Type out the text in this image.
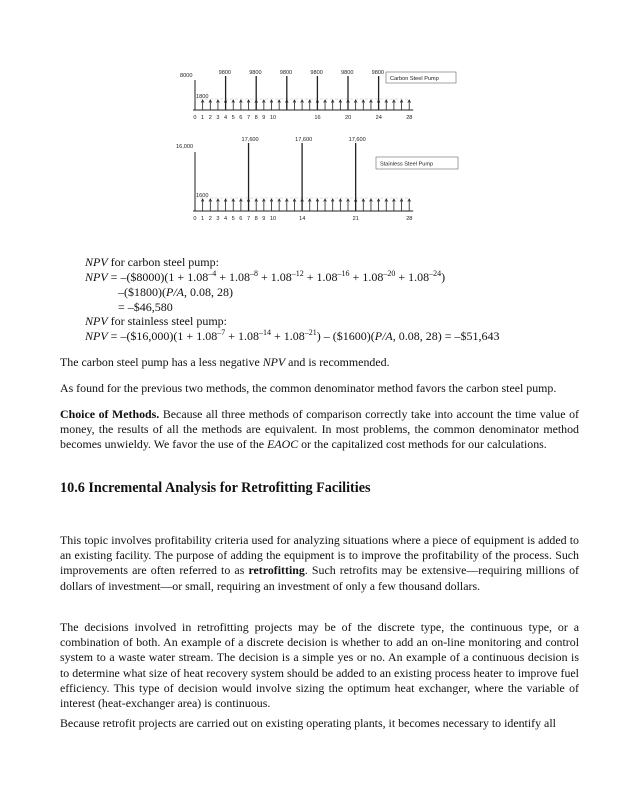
8000
1800
9800	9800	9800	9800	9800	9800
0 1 2 3 4 5 6 7 8 9 10	16	20	24	28
Carbon Steel Pump
16,000
1600
17,600	17,600	17,600
0 1 2 3 4 5 6 7 8 9 10	14	21	28
Stainless Steel Pump
NPV for carbon steel pump:
NPV = –($8000)(1 + $1.08^{-4} + 1.08^{-8} + 1.08^{-12} + 1.08^{-16} + 1.08^{-20} + 1.08^{-24}$)
–($1800)(P/A, 0.08, 28)
= –$46,580
NPV for stainless steel pump:
NPV = –($16,000)(1 + $1.08^{-7} + 1.08^{-14} + 1.08^{-21}$) – ($1600)(P/A, 0.08, 28) = –$51,643
The carbon steel pump has a less negative NPV and is recommended.
As found for the previous two methods, the common denominator method favors the carbon steel pump.
Choice of Methods. Because all three methods of comparison correctly take into account the time value of money, the results of all the methods are equivalent. In most problems, the common denominator method becomes unwieldy. We favor the use of the EAOC or the capitalized cost methods for our calculations.
10.6 Incremental Analysis for Retrofitting Facilities
This topic involves profitability criteria used for analyzing situations where a piece of equipment is added to an existing facility. The purpose of adding the equipment is to improve the profitability of the process. Such improvements are often referred to as retrofitting. Such retrofits may be extensive—requiring millions of dollars of investment—or small, requiring an investment of only a few thousand dollars.
The decisions involved in retrofitting projects may be of the discrete type, the continuous type, or a combination of both. An example of a discrete decision is whether to add an on-line monitoring and control system to a waste water stream. The decision is a simple yes or no. An example of a continuous decision is to determine what size of heat recovery system should be added to an existing process heater to improve fuel efficiency. This type of decision would involve sizing the optimum heat exchanger, where the variable of interest (heat-exchanger area) is continuous.
Because retrofit projects are carried out on existing operating plants, it becomes necessary to identify all
